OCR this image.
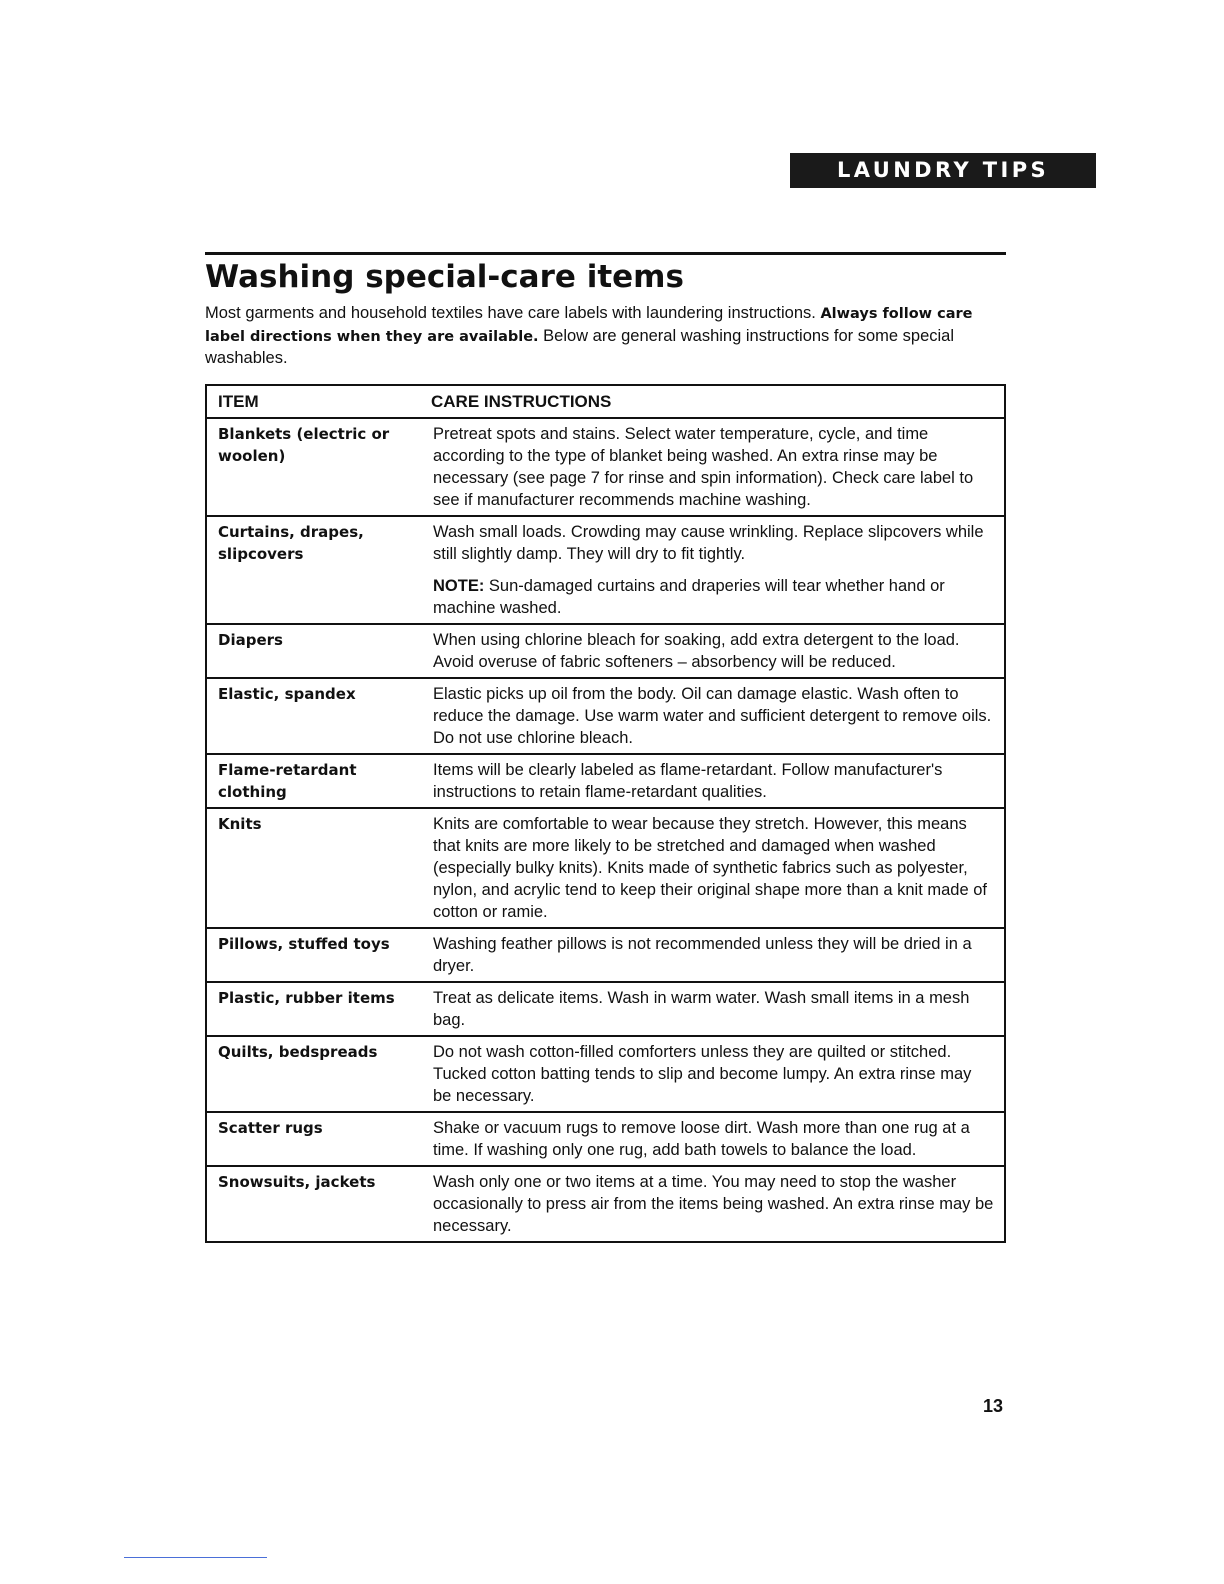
LAUNDRY TIPS
Washing special-care items

Most garments and household textiles have care labels with laundering instructions. Always follow care label directions when they are available. Below are general washing instructions for some special washables.

ITEM	CARE INSTRUCTIONS
Blankets (electric or woolen)	Pretreat spots and stains. Select water temperature, cycle, and time according to the type of blanket being washed. An extra rinse may be necessary (see page 7 for rinse and spin information). Check care label to see if manufacturer recommends machine washing.
Curtains, drapes, slipcovers	Wash small loads. Crowding may cause wrinkling. Replace slipcovers while still slightly damp. They will dry to fit tightly.
NOTE: Sun-damaged curtains and draperies will tear whether hand or machine washed.

Diapers	When using chlorine bleach for soaking, add extra detergent to the load. Avoid overuse of fabric softeners – absorbency will be reduced.
Elastic, spandex	Elastic picks up oil from the body. Oil can damage elastic. Wash often to reduce the damage. Use warm water and sufficient detergent to remove oils. Do not use chlorine bleach.
Flame-retardant clothing	Items will be clearly labeled as flame-retardant. Follow manufacturer's instructions to retain flame-retardant qualities.
Knits	Knits are comfortable to wear because they stretch. However, this means that knits are more likely to be stretched and damaged when washed (especially bulky knits). Knits made of synthetic fabrics such as polyester, nylon, and acrylic tend to keep their original shape more than a knit made of cotton or ramie.
Pillows, stuffed toys	Washing feather pillows is not recommended unless they will be dried in a dryer.
Plastic, rubber items	Treat as delicate items. Wash in warm water. Wash small items in a mesh bag.
Quilts, bedspreads	Do not wash cotton-filled comforters unless they are quilted or stitched. Tucked cotton batting tends to slip and become lumpy. An extra rinse may be necessary.
Scatter rugs	Shake or vacuum rugs to remove loose dirt. Wash more than one rug at a time. If washing only one rug, add bath towels to balance the load.
Snowsuits, jackets	Wash only one or two items at a time. You may need to stop the washer occasionally to press air from the items being washed. An extra rinse may be necessary.
13
